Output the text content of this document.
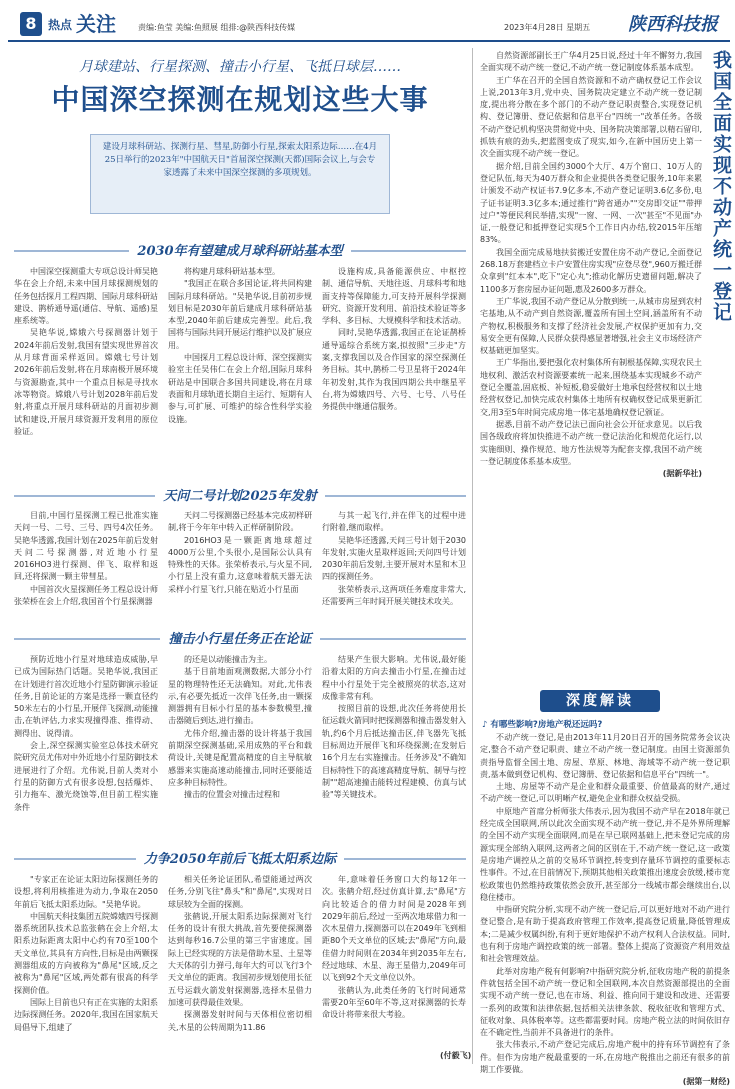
8 热点 关注	责编:鱼莹 美编:鱼照展 组排:@陕西科技传媒	2023年4月28日 星期五 陕西科技报
月球建站、行星探测、撞击小行星、飞抵日球层……
中国深空探测在规划这些大事
建设月球科研站、探测行星、彗星,防御小行星,探索太阳系边际……在4月25日举行的2023年"中国航天日"首届深空探测(天都)国际会议上,与会专家透露了未来中国深空探测的多项规划。
2030年有望建成月球科研站基本型

中国深空探测重大专项总设计师吴艳华在会上介绍,未来中国月球探测规划的任务包括探月工程四期、国际月球科研站建设、鹊桥通导遥(通信、导航、遥感)星座系统等。

吴艳华说,嫦娥六号探测器计划于2024年前后发射,我国有望实现世界首次从月球背面采样返回。嫦娥七号计划2026年前后发射,将在月球南极开展环境与资源勘查,其中一个重点目标是寻找水冰等物资。嫦娥八号计划2028年前后发射,将重点开展月球科研站的月面初步测试和建设,开展月球资源开发利用的原位验证。

将构建月球科研站基本型。

"我国正在联合多国论证,将共同构建国际月球科研站。"吴艳华说,目前初步规划目标是2030年前后建成月球科研站基本型,2040年前后建成完善型。此后,我国将与国际共同开展运行维护以及扩展应用。

中国探月工程总设计师、深空探测实验室主任吴伟仁在会上介绍,国际月球科研站是中国联合多国共同建设,将在月球表面和月球轨道长期自主运行、短期有人参与,可扩展、可维护的综合性科学实验设施。

设施构成,具备能源供应、中枢控制、通信导航、天地往返、月球科考和地面支持等保障能力,可支持开展科学探测研究、资源开发利用、前沿技术验证等多学科、多目标、大规模科学和技术活动。

同时,吴艳华透露,我国正在论证鹊桥通导遥综合系统方案,拟按照"三步走"方案,支撑我国以及合作国家的深空探测任务目标。其中,鹊桥二号卫星将于2024年年初发射,其作为我国四期公共中继星平台,将为嫦娥四号、六号、七号、八号任务提供中继通信服务。

天问二号计划2025年发射

目前,中国行星探测工程已批准实施天问一号、二号、三号、四号4次任务。吴艳华透露,我国计划在2025年前后发射天问二号探测器,对近地小行星2016HO3进行探测、伴飞、取样和返回,还将探测一颗主带彗星。

中国首次火星探测任务工程总设计师张荣桥在会上介绍,我国首个行星探测器

天问二号探测器已经基本完成初样研制,将于今年年中转入正样研制阶段。

2016HO3是一颗距离地球超过4000万公里,个头很小,是国际公认具有特殊性的天体。张荣桥表示,与火星不同,小行星上没有重力,这意味着航天器无法采样小行星飞行,只能在贴近小行星面

与其一起飞行,并在伴飞的过程中进行附着,继而取样。

吴艳华还透露,天问三号计划于2030年发射,实施火星取样返回;天问四号计划2030年前后发射,主要开展对木星和木卫四的探测任务。

张荣桥表示,这两项任务难度非常大,还需要两三年时间开展关键技术攻关。

撞击小行星任务正在论证

预防近地小行星对地球造成威胁,早已成为国际热门话题。吴艳华说,我国正在计划进行首次近地小行星防御演示验证任务,目前论证的方案是选择一颗直径约50米左右的小行星,开展伴飞探测,动能撞击,在轨评估,力求实现撞得准、推得动、测得出、说得清。

会上,深空探测实验室总体技术研究院研究员尤伟对中外近地小行星防御技术进展进行了介绍。尤伟说,目前人类对小行星的防御方式有很多设想,包括爆炸、引力拖车、激光烧蚀等,但目前工程实施条件

的还是以动能撞击为主。

基于目前地面观测数据,大部分小行星的物理特性还无法确知。对此,尤伟表示,有必要先抵近一次伴飞任务,由一颗探测器拥有目标小行星的基本参数模型,撞击器随后到达,进行撞击。

尤伟介绍,撞击器的设计将基于我国前期深空探测基础,采用成熟的平台和载荷设计,关键是配置高精度的自主导航敏感器来实施高速动能撞击,同时还要能适应多种目标特性。

撞击的位置会对撞击过程和

结果产生很大影响。尤伟说,最好能沿着太阳的方向去撞击小行星,在撞击过程中小行星处于完全被照亮的状态,这对成像非常有利。

按照目前的设想,此次任务将使用长征运载火箭同时把探测器和撞击器发射入轨,约6个月后抵达撞击区,伴飞器先飞抵目标周边开展伴飞和环绕探测;在发射后16个月左右实施撞击。任务涉及"不确知目标特性下的高速高精度导航、制导与控制""超高速撞击能转过程建模、仿真与试验"等关键技术。

力争2050年前后飞抵太阳系边际

"专家正在论证太阳边际探测任务的设想,将利用核推进为动力,争取在2050年前后飞抵太阳系边际。"吴艳华说。

中国航天科技集团五院嫦娥四号探测器系统团队技术总监张鹤在会上介绍,太阳系边际距离太阳中心约有70至100个天文单位,其具有方向性,目标是由两颗探测器组成的方向被称为"鼻尾"区域,反之被称为"鼻尾"区域,两处都有很高的科学探测价值。

国际上目前也只有正在实施的太阳系边际探测任务。2020年,我国在国家航天局倡导下,组建了

相关任务论证团队,希望能通过两次任务,分别飞往"鼻头"和"鼻尾",实现对日球层较为全面的探测。

张鹤说,开展太阳系边际探测对飞行任务的设计有很大挑战,首先要使探测器达到每秒16.7公里的第三宇宙速度。国际上已经实现的方法是借助木星、土星等大天体的引力弹弓,每年大约可以飞行3个天文单位的距离。我国初步规划使用长征五号运载火箭发射探测器,选择木星借力加速可获得最佳效果。

探测器发射时间与天体相位密切相关,木星的公转周期为11.86

年,意味着任务窗口大约每12年一次。张鹤介绍,经过仿真计算,去"鼻尾"方向比较适合的借力时间是2028年到2029年前后,经过一至两次地球借力和一次木星借力,探测器可以在2049年飞到相距80个天文单位的区域;去"鼻尾"方向,最佳借力时间则在2034年到2035年左右,经过地球、木星、海王星借力,2049年可以飞到92个天文单位以外。

张鹤认为,此类任务的飞行时间通常需要20年至60年不等,这对探测器的长寿命设计将带来很大考验。

(付毅飞)
我国全面实现不动产统一登记

自然资源部副长王广华4月25日说,经过十年不懈努力,我国全面实现不动产统一登记,不动产统一登记制度体系基本成型。

王广华在召开的全国自然资源和不动产确权登记工作会议上说,2013年3月,党中央、国务院决定建立不动产统一登记制度,提出将分散在多个部门的不动产登记职责整合,实现登记机构、登记簿册、登记依据和信息平台"四统一"改革任务。各级不动产登记机构坚决贯彻党中央、国务院决策部署,以精石留印,抓铁有痕的劲头,把蓝图变成了现实,如今,在新中国历史上第一次全面实现不动产统一登记。

据介绍,目前全国约3000个大厅、4万个窗口、10万人的登记队伍,每天为40万群众和企业提供各类登记服务,10年来累计颁发不动产权证书7.9亿多本,不动产登记证明3.6亿多份,电子证书证明3.3亿多本;通过推行"跨省通办""交房即交证""带押过户"等便民利民举措,实现"一窗、一网、一次"甚至"不见面"办证,一般登记和抵押登记实现5个工作日内办结,较2015年压缩83%。

我国全面完成易地扶贫搬迁安置住房不动产登记,全面登记268.18万套建档立卡户安置住房实现"应登尽登",960万搬迁群众拿到"红本本",吃下"定心丸";推动化解历史遗留问题,解决了1100多万套房屋办证问题,惠及2600多万群众。

王广华说,我国不动产登记从分散到统一,从城市房屋到农村宅基地,从不动产到自然资源,覆盖所有国土空间,涵盖所有不动产物权,积极服务和支撑了经济社会发展,产权保护更加有力,交易安全更有保障,人民群众获得感显著增强,社会主义市场经济产权基础更加坚实。

王广华指出,要把强化农村集体所有制根基保障,实现农民土地权利、激活农村资源要素统一起来,围绕基本实现城乡不动产登记全覆盖,固底板、补短板,稳妥做好土地承包经营权和以土地经营权登记,加快完成农村集体土地所有权确权登记成果更新汇交,用3至5年时间完成房地一体宅基地确权登记颁证。

据悉,目前不动产登记法已面向社会公开征求意见。以后我国各级政府将加快推进不动产统一登记法治化和规范化运行,以实施细则、操作规范、地方性法规等为配套支撑,我国不动产统一登记制度体系基本成型。

(据新华社)
深度解读
♪ 有哪些影响?房地产税还远吗?

不动产统一登记,是由2013年11月20日召开的国务院常务会议决定,整合不动产登记职责、建立不动产统一登记制度。由国土资源部负责指导监督全国土地、房屋、草原、林地、海域等不动产统一登记职责,基本做到登记机构、登记簿册、登记依据和信息平台"四统一"。

土地、房屋等不动产是企业和群众最重要、价值最高的财产,通过不动产统一登记,可以明晰产权,避免企业和群众权益受损。

中原地产首席分析师张大伟表示,因为我国不动产早在2018年就已经完成全国联网,所以此次全面实现不动产统一登记,并不是外界所理解的全国不动产实现全面联网,而是在早已联网基础上,把未登记完成的房源实现全部纳入联网,这两者之间的区别在于,不动产统一登记,这一政策是房地产调控从之前的交易环节调控,转变到存量环节调控的重要标志性事件。不过,在目前情况下,预期其他相关政策推出速度会放缓,楼市宽松政策也仍然维持政策依然会放开,甚至部分一线城市都会继续出台,以稳住楼市。

中指研究院分析,实现不动产统一登记后,可以更好地对不动产进行登记整合,是有助于提高政府管理工作效率,提高登记质量,降低管理成本;二是减少权属纠纷,有利于更好地保护不动产权利人合法权益。同时,也有利于房地产调控政策的统一部署。整体上提高了资源资产利用效益和社会管理效益。

此举对房地产税有何影响?中指研究院分析,征收房地产税的前提条件就包括全国不动产统一登记和全国联网,本次自然资源部提出的全面实现不动产统一登记,也在市场、利益、推向同于建设和改进、还需要一系列的政策和法律依据,包括相关法律条款、税收征收和管理方式、征收对象、具体税率等。这些都需要时间。房地产税立法的时间依旧存在不确定性,当前并不具备进行的条件。

张大伟表示,不动产登记完成后,房地产税中的持有环节调控有了条件。但作为房地产税最重要的一环,在房地产税推出之前还有很多的前期工作要做。

(据第一财经)
